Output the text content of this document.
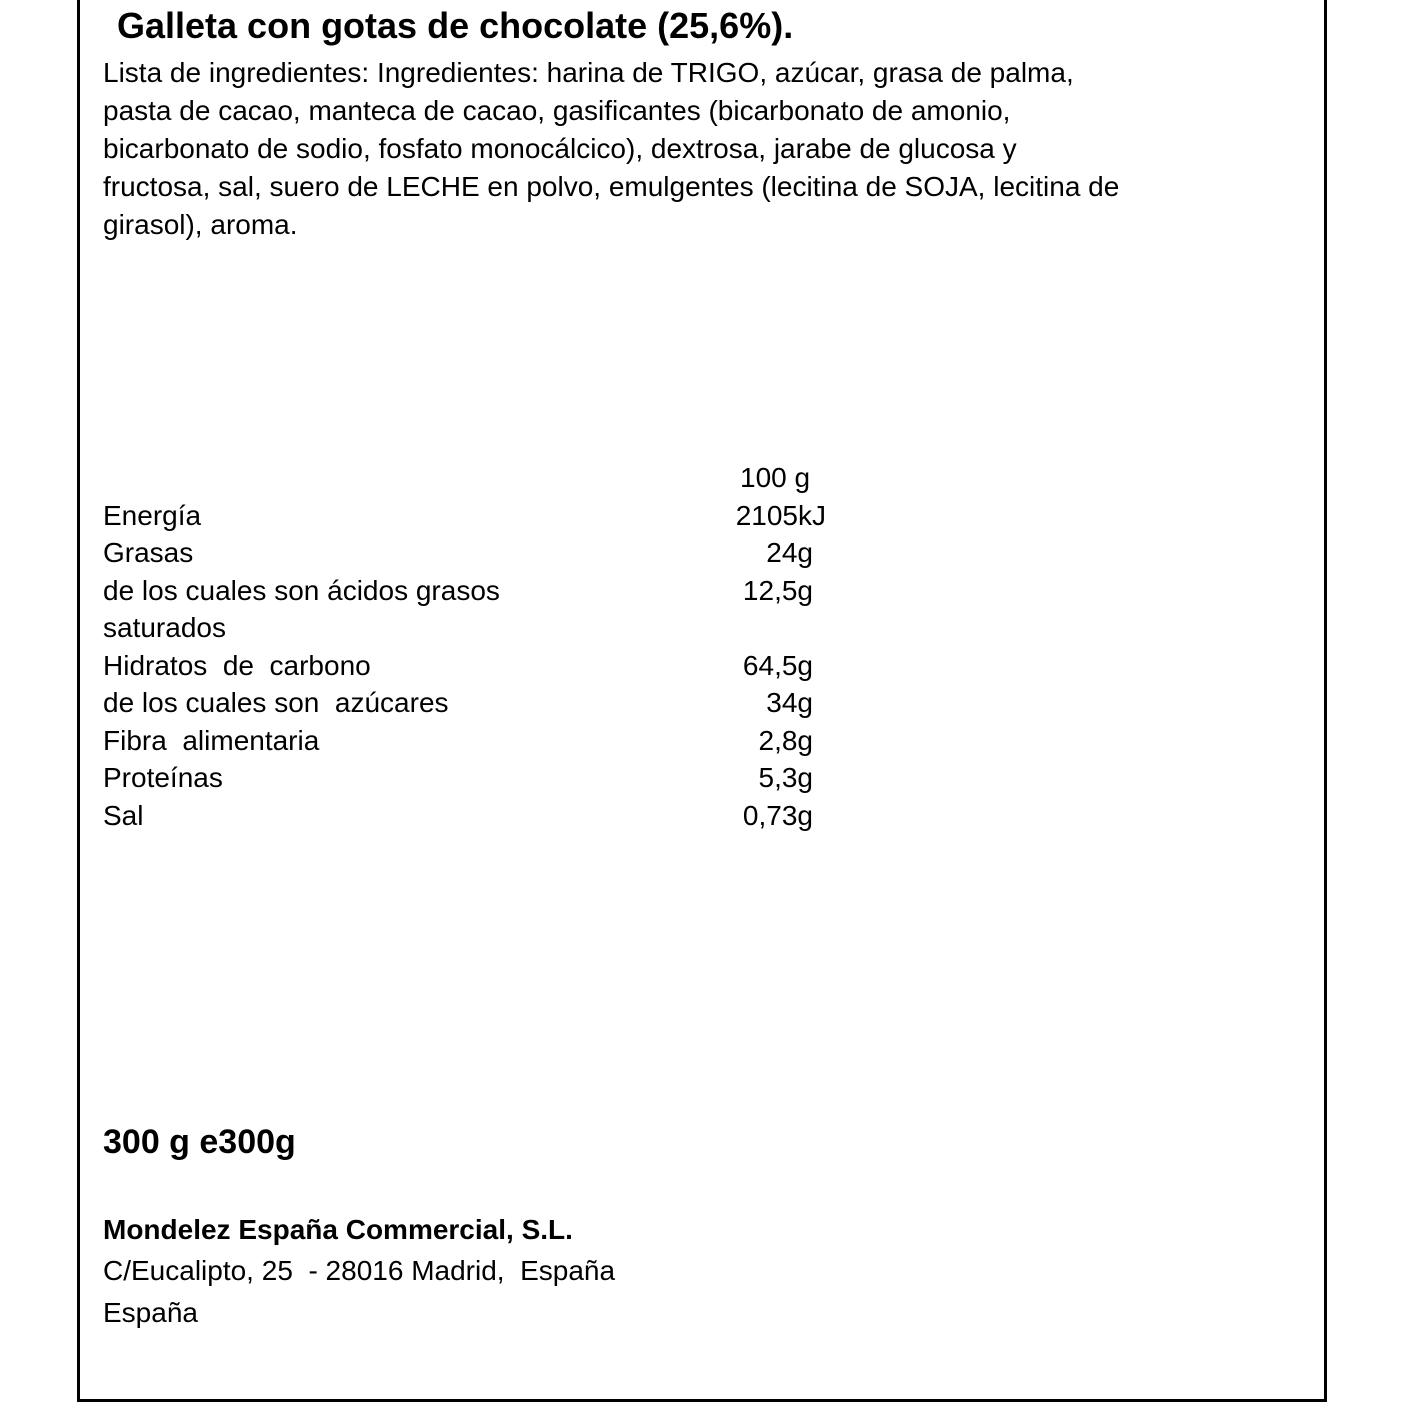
Galleta con gotas de chocolate (25,6%).
Lista de ingredientes: Ingredientes: harina de TRIGO, azúcar, grasa de palma,
pasta de cacao, manteca de cacao, gasificantes (bicarbonato de amonio,
bicarbonato de sodio, fosfato monocálcico), dextrosa, jarabe de glucosa y
fructosa, sal, suero de LECHE en polvo, emulgentes (lecitina de SOJA, lecitina de
girasol), aroma.
100 g
Energía	2105kJ
Grasas	24g
de los cuales son ácidos grasos	12,5g
saturados
Hidratos  de  carbono	64,5g
de los cuales son  azúcares	34g
Fibra  alimentaria	2,8g
Proteínas	5,3g
Sal	0,73g
300 g e300g
Mondelez España Commercial, S.L.
C/Eucalipto, 25  - 28016 Madrid,  España
España
